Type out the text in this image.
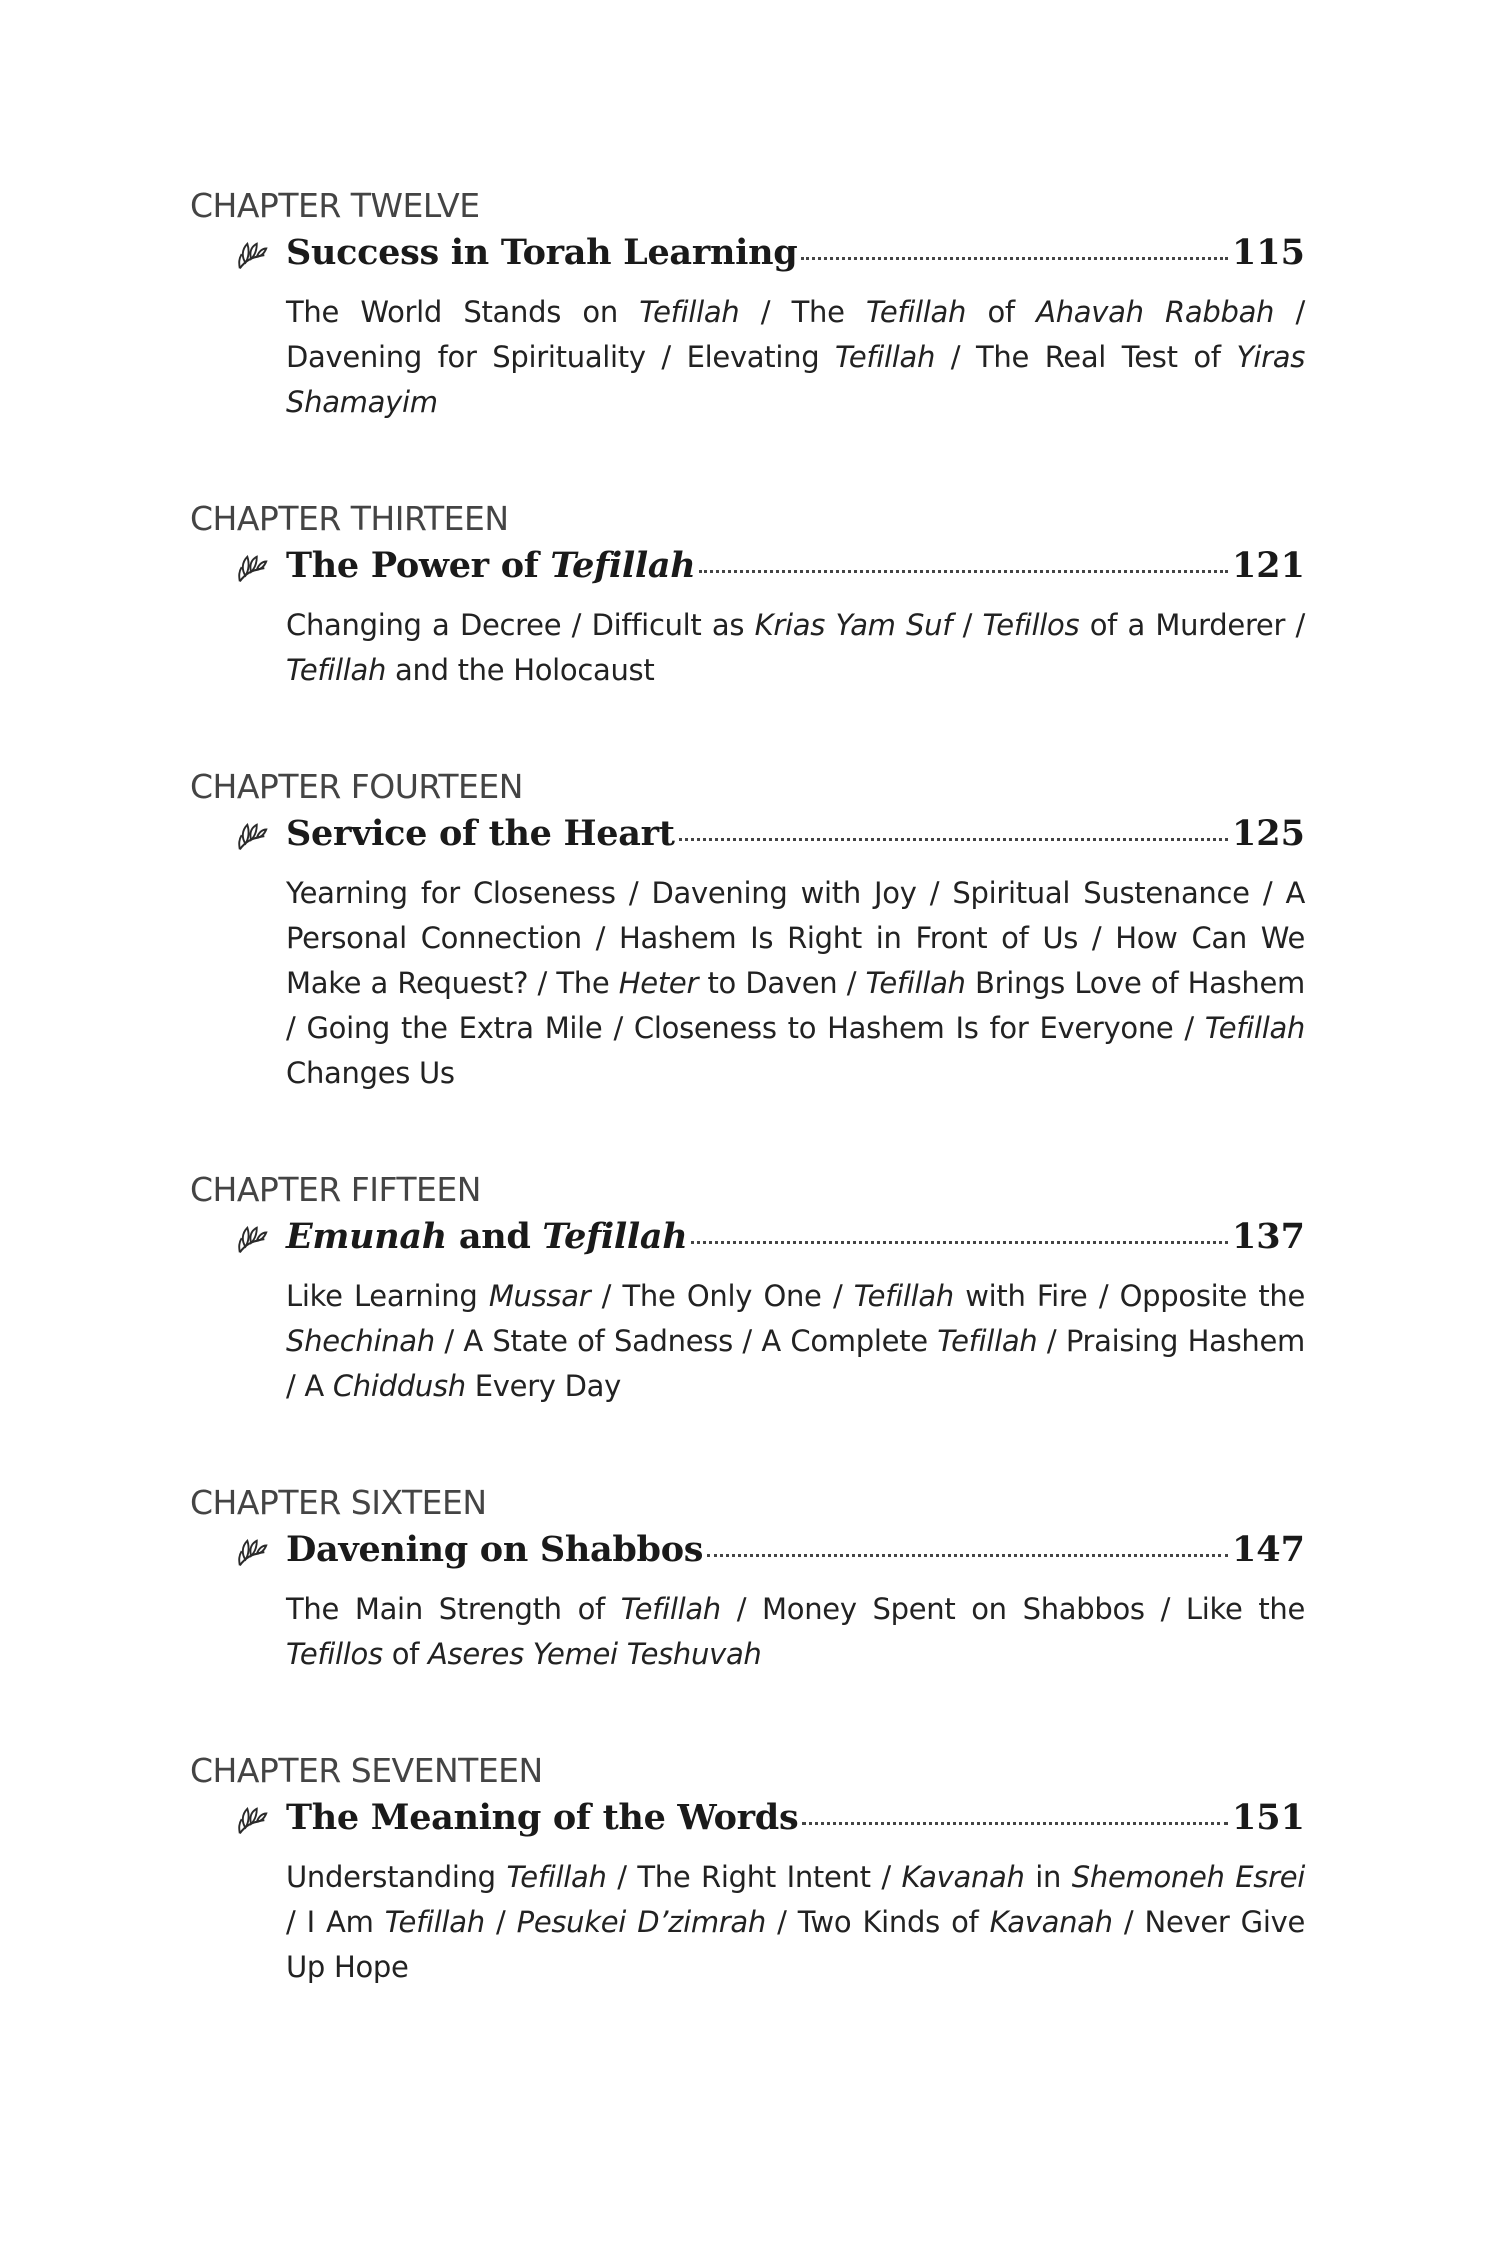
CHAPTER TWELVE
Success in Torah Learning	115

The World Stands on Tefillah / The Tefillah of Ahavah Rabbah / Davening for Spirituality / Elevating Tefillah / The Real Test of Yiras Shamayim

CHAPTER THIRTEEN
The Power of Tefillah	121

Changing a Decree / Difficult as Krias Yam Suf / Tefillos of a Murderer / Tefillah and the Holocaust

CHAPTER FOURTEEN
Service of the Heart	125

Yearning for Closeness / Davening with Joy / Spiritual Sustenance / A Personal Connection / Hashem Is Right in Front of Us / How Can We Make a Request? / The Heter to Daven / Tefillah Brings Love of Hashem / Going the Extra Mile / Closeness to Hashem Is for Everyone / Tefillah Changes Us

CHAPTER FIFTEEN
Emunah and Tefillah	137

Like Learning Mussar / The Only One / Tefillah with Fire / Opposite the Shechinah / A State of Sadness / A Complete Tefillah / Praising Hashem / A Chiddush Every Day

CHAPTER SIXTEEN
Davening on Shabbos	147

The Main Strength of Tefillah / Money Spent on Shabbos / Like the Tefillos of Aseres Yemei Teshuvah

CHAPTER SEVENTEEN
The Meaning of the Words	151

Understanding Tefillah / The Right Intent / Kavanah in Shemoneh Esrei / I Am Tefillah / Pesukei D’zimrah / Two Kinds of Kavanah / Never Give Up Hope
